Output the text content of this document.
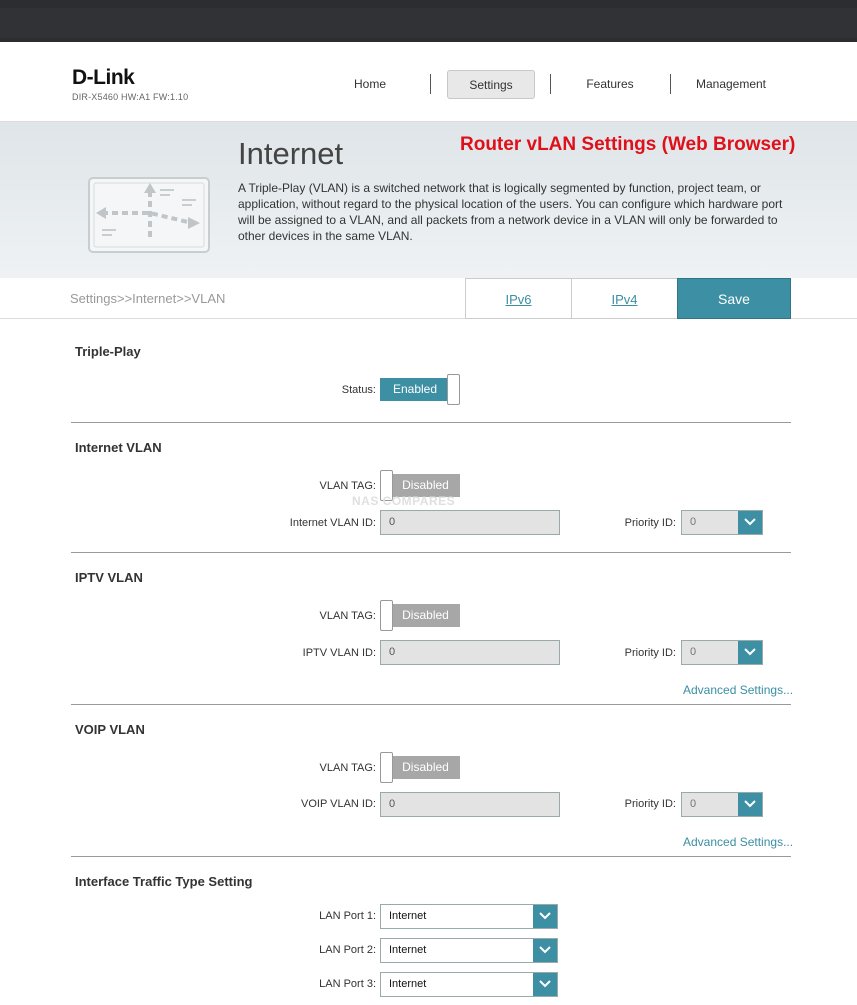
D-Link
DIR-X5460 HW:A1 FW:1.10
Home	Settings	Features	Management
Internet	Router vLAN Settings (Web Browser)
A Triple-Play (VLAN) is a switched network that is logically segmented by function, project team, or application, without regard to the physical location of the users. You can configure which hardware port will be assigned to a VLAN, and all packets from a network device in a VLAN will only be forwarded to other devices in the same VLAN.
Settings>>Internet>>VLAN	IPv6	IPv4	Save
Triple-Play
Status:	Enabled
Internet VLAN
VLAN TAG:	Disabled
NAS COMPARES
Internet VLAN ID:	0	Priority ID: 0
IPTV VLAN
VLAN TAG:	Disabled
IPTV VLAN ID:	0	Priority ID: 0
Advanced Settings...
VOIP VLAN
VLAN TAG:	Disabled
VOIP VLAN ID:	0	Priority ID: 0
Advanced Settings...
Interface Traffic Type Setting
LAN Port 1: Internet
LAN Port 2: Internet
LAN Port 3: Internet
